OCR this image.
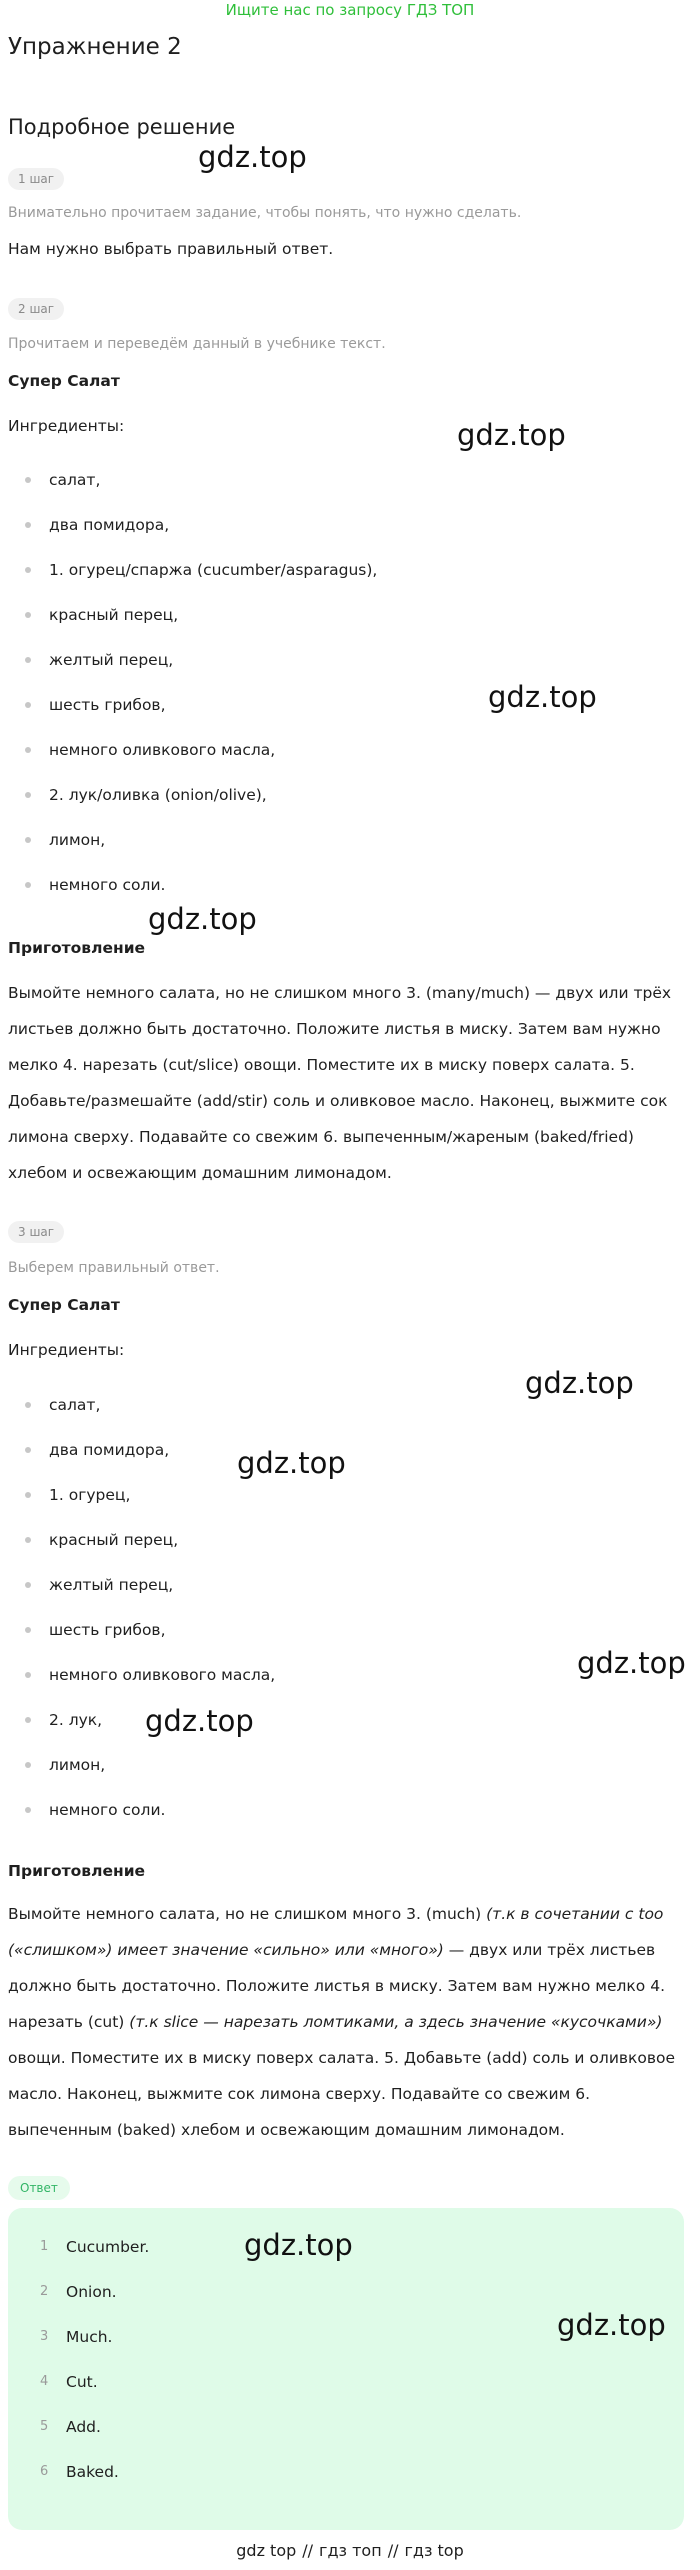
Ищите нас по запросу ГДЗ ТОП
Упражнение 2
Подробное решение
1 шаг
Внимательно прочитаем задание, чтобы понять, что нужно сделать.
Нам нужно выбрать правильный ответ.
2 шаг
Прочитаем и переведём данный в учебнике текст.
Супер Салат
Ингредиенты:
салат,
два помидора,
1. огурец/спаржа (cucumber/asparagus),
красный перец,
желтый перец,
шесть грибов,
немного оливкового масла,
2. лук/оливка (onion/olive),
лимон,
немного соли.
Приготовление
Вымойте немного салата, но не слишком много 3. (many/much) — двух или трёх листьев должно быть достаточно. Положите листья в миску. Затем вам нужно мелко 4. нарезать (cut/slice) овощи. Поместите их в миску поверх салата. 5. Добавьте/размешайте (add/stir) соль и оливковое масло. Наконец, выжмите сок лимона сверху. Подавайте со свежим 6. выпеченным/жареным (baked/fried) хлебом и освежающим домашним лимонадом.
3 шаг
Выберем правильный ответ.
Супер Салат
Ингредиенты:
салат,
два помидора,
1. огурец,
красный перец,
желтый перец,
шесть грибов,
немного оливкового масла,
2. лук,
лимон,
немного соли.
Приготовление
Вымойте немного салата, но не слишком много 3. (much) (т.к в сочетании с too («слишком») имеет значение «сильно» или «много») — двух или трёх листьев должно быть достаточно. Положите листья в миску. Затем вам нужно мелко 4. нарезать (cut) (т.к slice — нарезать ломтиками, а здесь значение «кусочками») овощи. Поместите их в миску поверх салата. 5. Добавьте (add) соль и оливковое масло. Наконец, выжмите сок лимона сверху. Подавайте со свежим 6. выпеченным (baked) хлебом и освежающим домашним лимонадом.
Ответ
1	Cucumber.
2	Onion.
3	Much.
4	Cut.
5	Add.
6	Baked.
gdz.top
gdz.top
gdz.top
gdz.top
gdz.top
gdz.top
gdz.top
gdz.top
gdz.top
gdz.top
gdz top // гдз топ // гдз top
